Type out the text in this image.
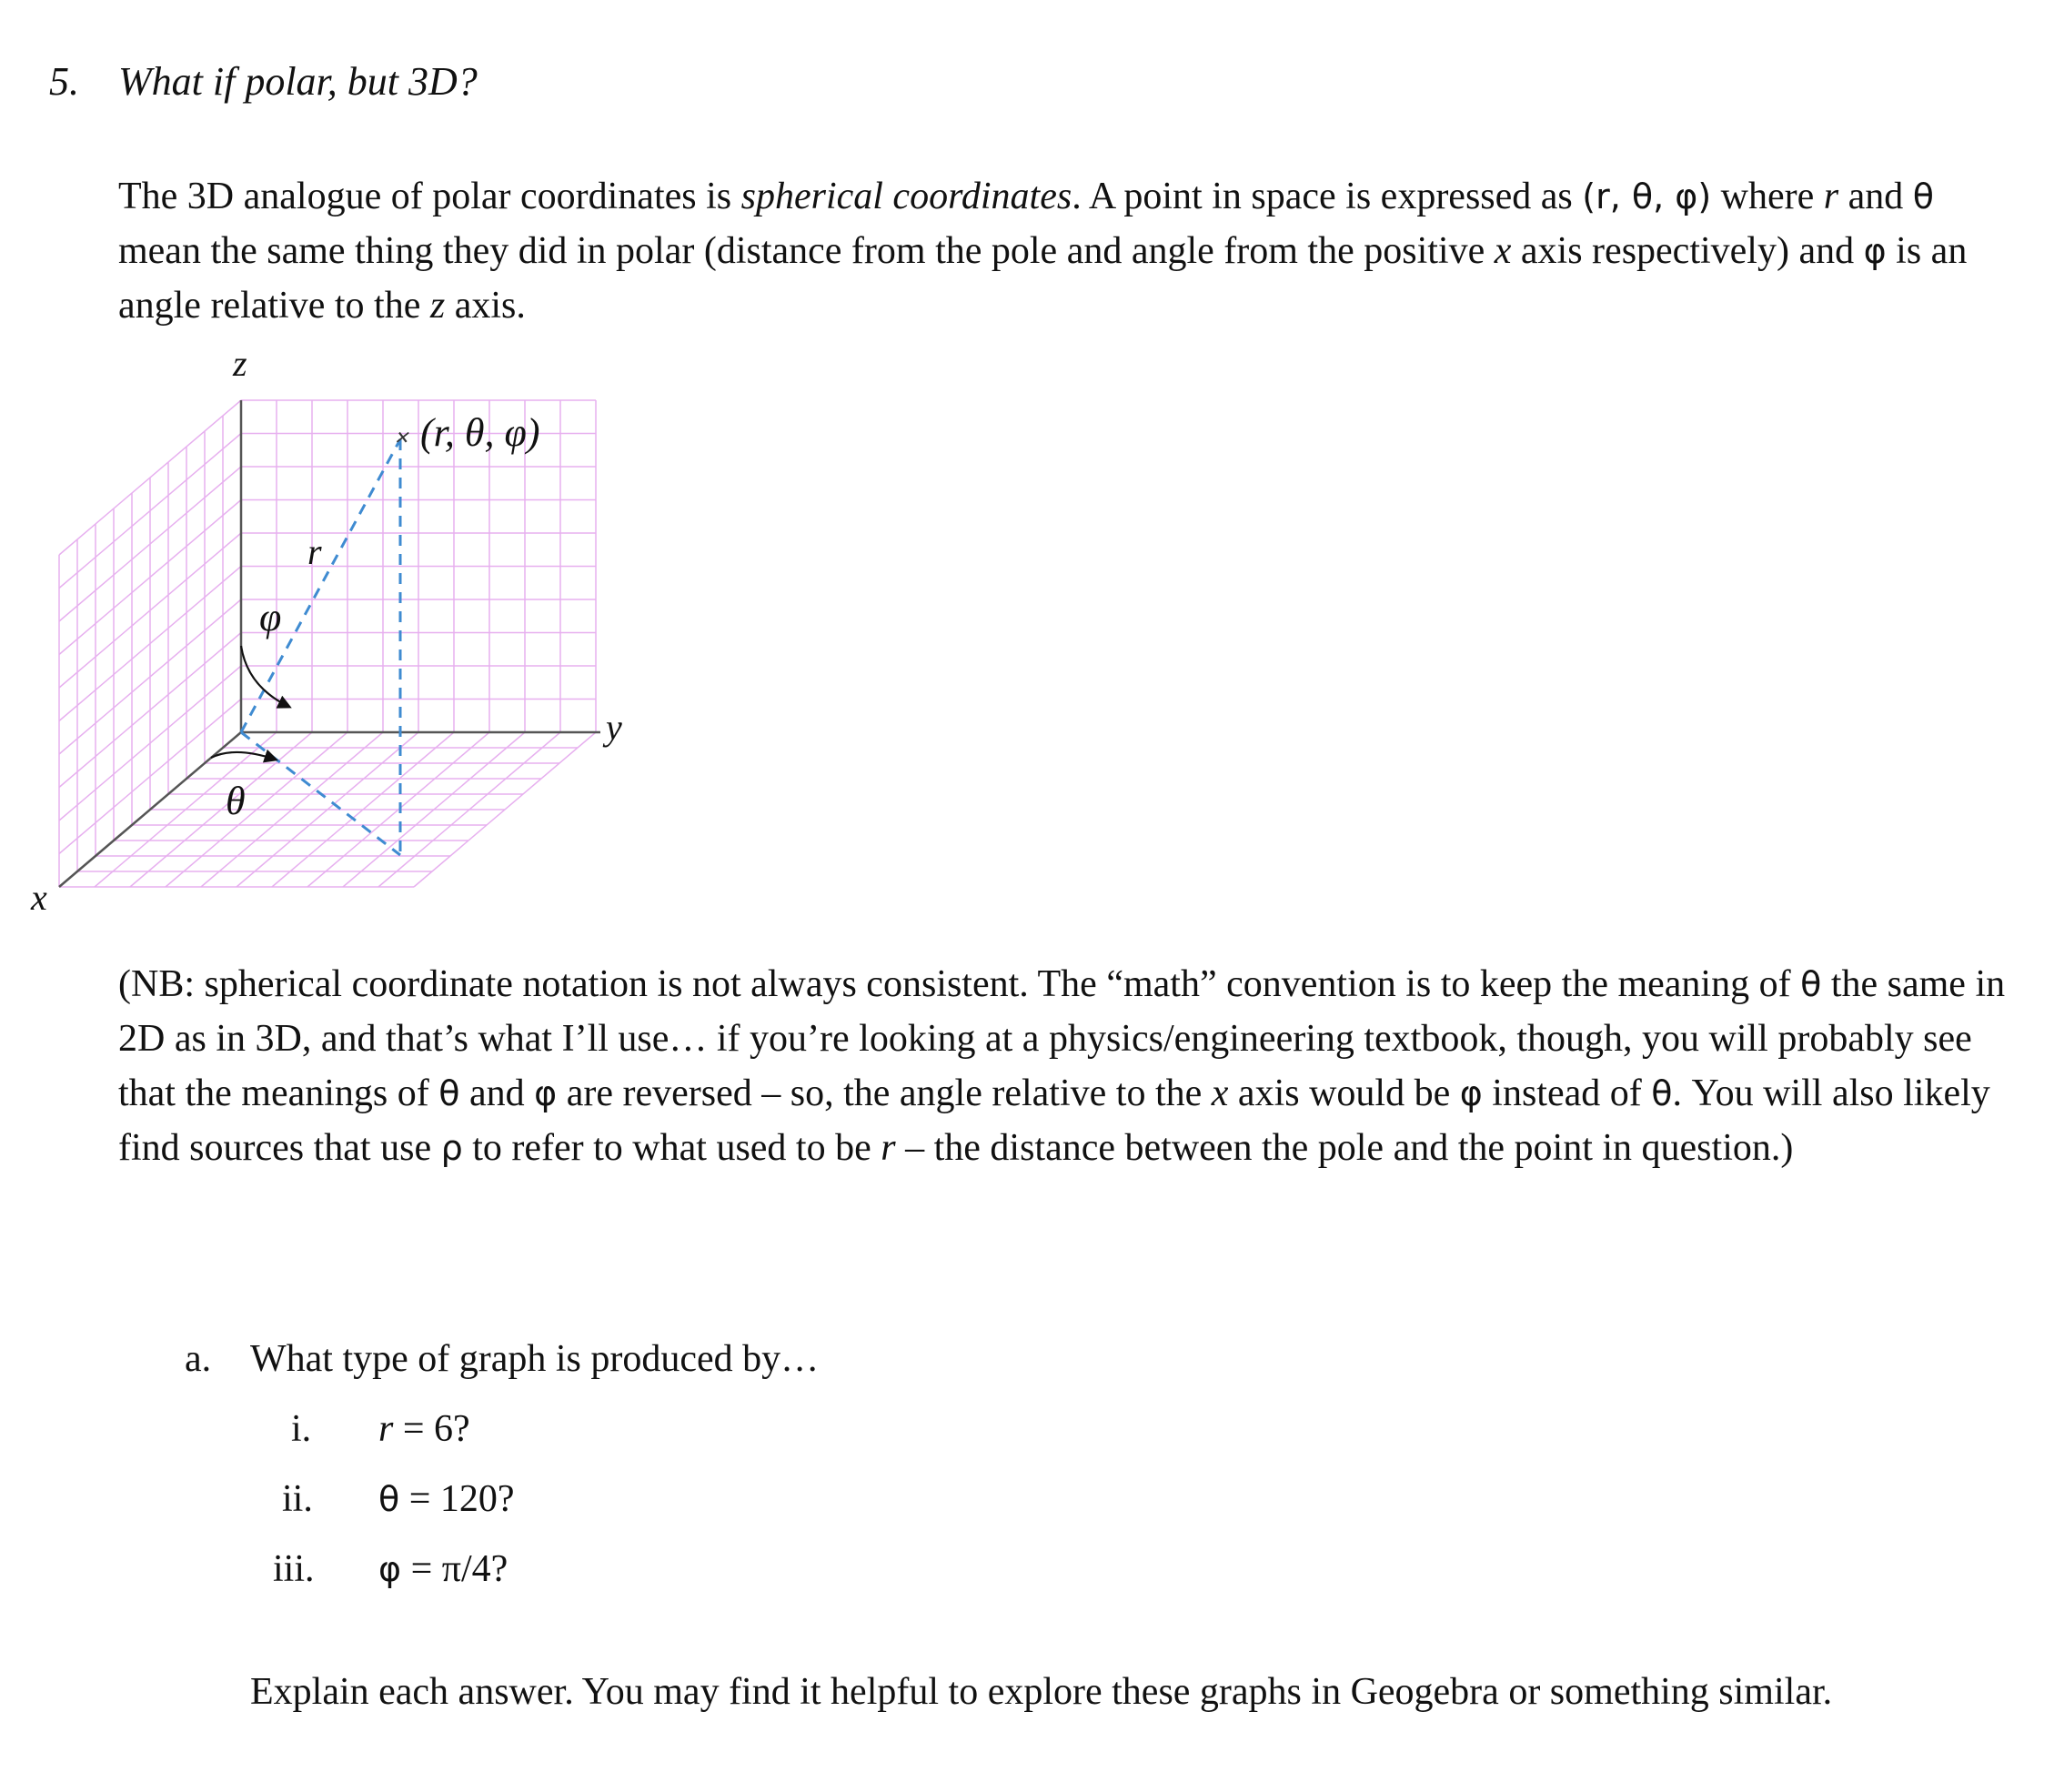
5. What if polar, but 3D?
The 3D analogue of polar coordinates is spherical coordinates. A point in space is expressed as (r, θ, φ) where r and θ mean the same thing they did in polar (distance from the pole and angle from the positive x axis respectively) and φ is an angle relative to the z axis.
✕
z
y
x
(r, θ, φ)
r
φ
θ
(NB: spherical coordinate notation is not always consistent. The “math” convention is to keep the meaning of θ the same in 2D as in 3D, and that’s what I’ll use… if you’re looking at a physics/engineering textbook, though, you will probably see that the meanings of θ and φ are reversed – so, the angle relative to the x axis would be φ instead of θ. You will also likely find sources that use ρ to refer to what used to be r – the distance between the pole and the point in question.)
a. What type of graph is produced by…
i. r = 6?
ii. θ = 120?
iii. φ = π/4?
Explain each answer. You may find it helpful to explore these graphs in Geogebra or something similar.
